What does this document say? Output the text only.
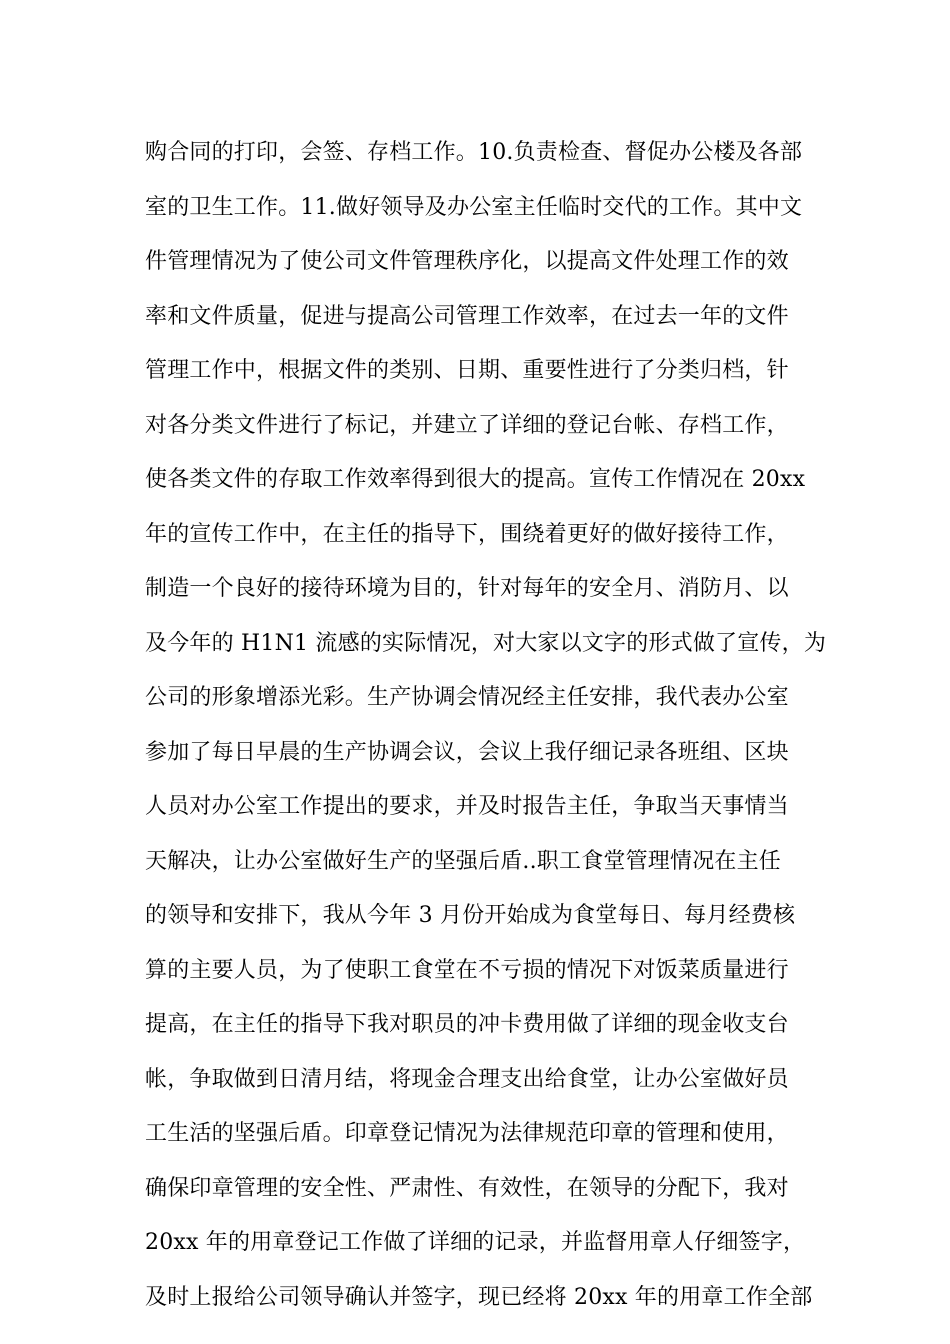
购合同的打印，会签、存档工作。10.负责检查、督促办公楼及各部
室的卫生工作。11.做好领导及办公室主任临时交代的工作。其中文
件管理情况为了使公司文件管理秩序化，以提高文件处理工作的效
率和文件质量，促进与提高公司管理工作效率，在过去一年的文件
管理工作中，根据文件的类别、日期、重要性进行了分类归档，针
对各分类文件进行了标记，并建立了详细的登记台帐、存档工作，
使各类文件的存取工作效率得到很大的提高。宣传工作情况在 20xx
年的宣传工作中，在主任的指导下，围绕着更好的做好接待工作，
制造一个良好的接待环境为目的，针对每年的安全月、消防月、以
及今年的 H1N1 流感的实际情况，对大家以文字的形式做了宣传，为
公司的形象增添光彩。生产协调会情况经主任安排，我代表办公室
参加了每日早晨的生产协调会议，会议上我仔细记录各班组、区块
人员对办公室工作提出的要求，并及时报告主任，争取当天事情当
天解决，让办公室做好生产的坚强后盾..职工食堂管理情况在主任
的领导和安排下，我从今年 3 月份开始成为食堂每日、每月经费核
算的主要人员，为了使职工食堂在不亏损的情况下对饭菜质量进行
提高，在主任的指导下我对职员的冲卡费用做了详细的现金收支台
帐，争取做到日清月结，将现金合理支出给食堂，让办公室做好员
工生活的坚强后盾。印章登记情况为法律规范印章的管理和使用，
确保印章管理的安全性、严肃性、有效性，在领导的分配下，我对
20xx 年的用章登记工作做了详细的记录，并监督用章人仔细签字，
及时上报给公司领导确认并签字，现已经将 20xx 年的用章工作全部
